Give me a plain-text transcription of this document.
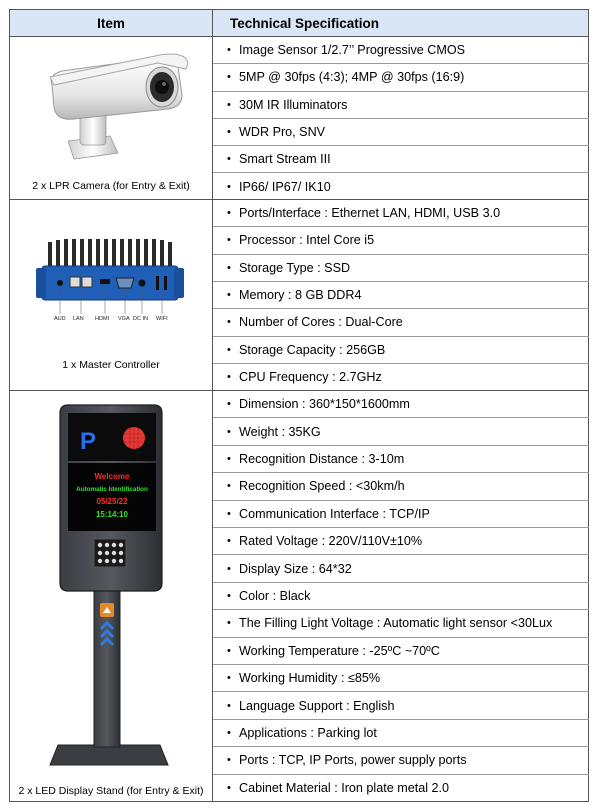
Item	Technical Specification
2 x LPR Camera (for Entry & Exit)
• Image Sensor 1/2.7’’ Progressive CMOS
• 5MP @ 30fps (4:3); 4MP @ 30fps (16:9)
• 30M IR Illuminators
• WDR Pro, SNV
• Smart Stream III
• IP66/ IP67/ IK10
AUD LAN HDMI VGA DC IN WIFI
1 x Master Controller
• Ports/Interface : Ethernet LAN, HDMI, USB 3.0
• Processor : Intel Core i5
• Storage Type : SSD
• Memory : 8 GB DDR4
• Number of Cores : Dual-Core
• Storage Capacity : 256GB
• CPU Frequency : 2.7GHz
P
Welcome
Automatic Identification
05/25/22
15:14:10
2 x LED Display Stand (for Entry & Exit)
• Dimension : 360*150*1600mm
• Weight : 35KG
• Recognition Distance : 3-10m
• Recognition Speed : <30km/h
• Communication Interface : TCP/IP
• Rated Voltage : 220V/110V±10%
• Display Size : 64*32
• Color : Black
• The Filling Light Voltage : Automatic light sensor <30Lux
• Working Temperature : -25ºC ~70ºC
• Working Humidity : ≤85%
• Language Support : English
• Applications : Parking lot
• Ports : TCP, IP Ports, power supply ports
• Cabinet Material : Iron plate metal 2.0
